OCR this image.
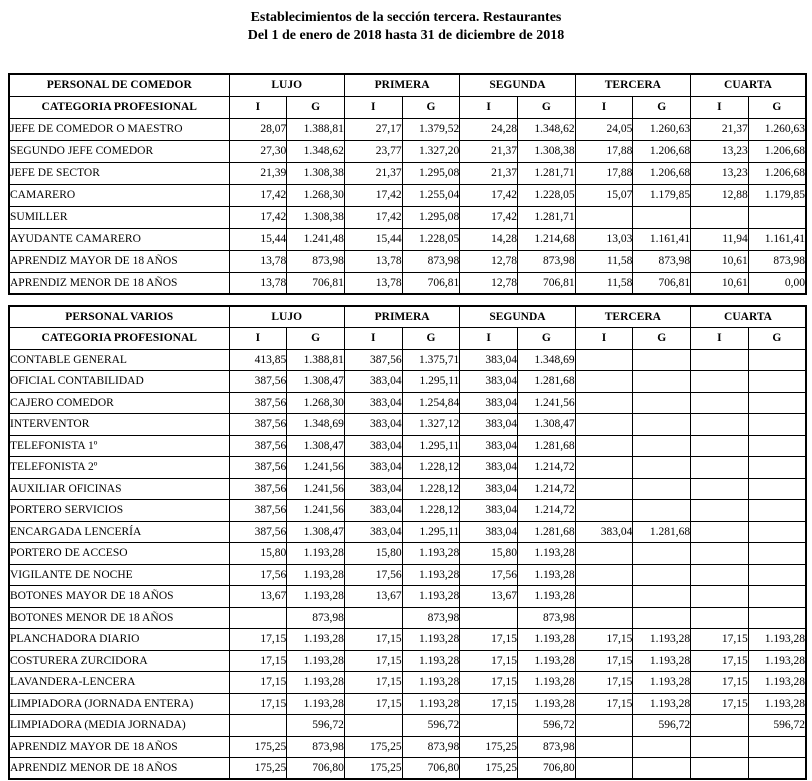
Establecimientos de la sección tercera. Restaurantes
Del 1 de enero de 2018 hasta 31 de diciembre de 2018
PERSONAL DE COMEDOR	LUJO		PRIMERA		SEGUNDA		TERCERA		CUARTA	
CATEGORIA PROFESIONAL	I	G	I	G	I	G	I	G	I	G
JEFE DE COMEDOR O MAESTRO	28,07	1.388,81	27,17	1.379,52	24,28	1.348,62	24,05	1.260,63	21,37	1.260,63
SEGUNDO JEFE COMEDOR	27,30	1.348,62	23,77	1.327,20	21,37	1.308,38	17,88	1.206,68	13,23	1.206,68
JEFE DE SECTOR	21,39	1.308,38	21,37	1.295,08	21,37	1.281,71	17,88	1.206,68	13,23	1.206,68
CAMARERO	17,42	1.268,30	17,42	1.255,04	17,42	1.228,05	15,07	1.179,85	12,88	1.179,85
SUMILLER	17,42	1.308,38	17,42	1.295,08	17,42	1.281,71				
AYUDANTE CAMARERO	15,44	1.241,48	15,44	1.228,05	14,28	1.214,68	13,03	1.161,41	11,94	1.161,41
APRENDIZ MAYOR DE 18 AÑOS	13,78	873,98	13,78	873,98	12,78	873,98	11,58	873,98	10,61	873,98
APRENDIZ MENOR DE 18 AÑOS	13,78	706,81	13,78	706,81	12,78	706,81	11,58	706,81	10,61	0,00
PERSONAL VARIOS	LUJO		PRIMERA		SEGUNDA		TERCERA		CUARTA	
CATEGORIA PROFESIONAL	I	G	I	G	I	G	I	G	I	G
CONTABLE GENERAL	413,85	1.388,81	387,56	1.375,71	383,04	1.348,69				
OFICIAL CONTABILIDAD	387,56	1.308,47	383,04	1.295,11	383,04	1.281,68				
CAJERO COMEDOR	387,56	1.268,30	383,04	1.254,84	383,04	1.241,56				
INTERVENTOR	387,56	1.348,69	383,04	1.327,12	383,04	1.308,47				
TELEFONISTA 1º	387,56	1.308,47	383,04	1.295,11	383,04	1.281,68				
TELEFONISTA 2º	387,56	1.241,56	383,04	1.228,12	383,04	1.214,72				
AUXILIAR OFICINAS	387,56	1.241,56	383,04	1.228,12	383,04	1.214,72				
PORTERO SERVICIOS	387,56	1.241,56	383,04	1.228,12	383,04	1.214,72				
ENCARGADA LENCERÍA	387,56	1.308,47	383,04	1.295,11	383,04	1.281,68	383,04	1.281,68		
PORTERO DE ACCESO	15,80	1.193,28	15,80	1.193,28	15,80	1.193,28				
VIGILANTE DE NOCHE	17,56	1.193,28	17,56	1.193,28	17,56	1.193,28				
BOTONES MAYOR DE 18 AÑOS	13,67	1.193,28	13,67	1.193,28	13,67	1.193,28				
BOTONES MENOR DE 18 AÑOS		873,98		873,98		873,98				
PLANCHADORA DIARIO	17,15	1.193,28	17,15	1.193,28	17,15	1.193,28	17,15	1.193,28	17,15	1.193,28
COSTURERA ZURCIDORA	17,15	1.193,28	17,15	1.193,28	17,15	1.193,28	17,15	1.193,28	17,15	1.193,28
LAVANDERA-LENCERA	17,15	1.193,28	17,15	1.193,28	17,15	1.193,28	17,15	1.193,28	17,15	1.193,28
LIMPIADORA (JORNADA ENTERA)	17,15	1.193,28	17,15	1.193,28	17,15	1.193,28	17,15	1.193,28	17,15	1.193,28
LIMPIADORA (MEDIA JORNADA)		596,72		596,72		596,72		596,72		596,72
APRENDIZ MAYOR DE 18 AÑOS	175,25	873,98	175,25	873,98	175,25	873,98				
APRENDIZ MENOR DE 18 AÑOS	175,25	706,80	175,25	706,80	175,25	706,80				
